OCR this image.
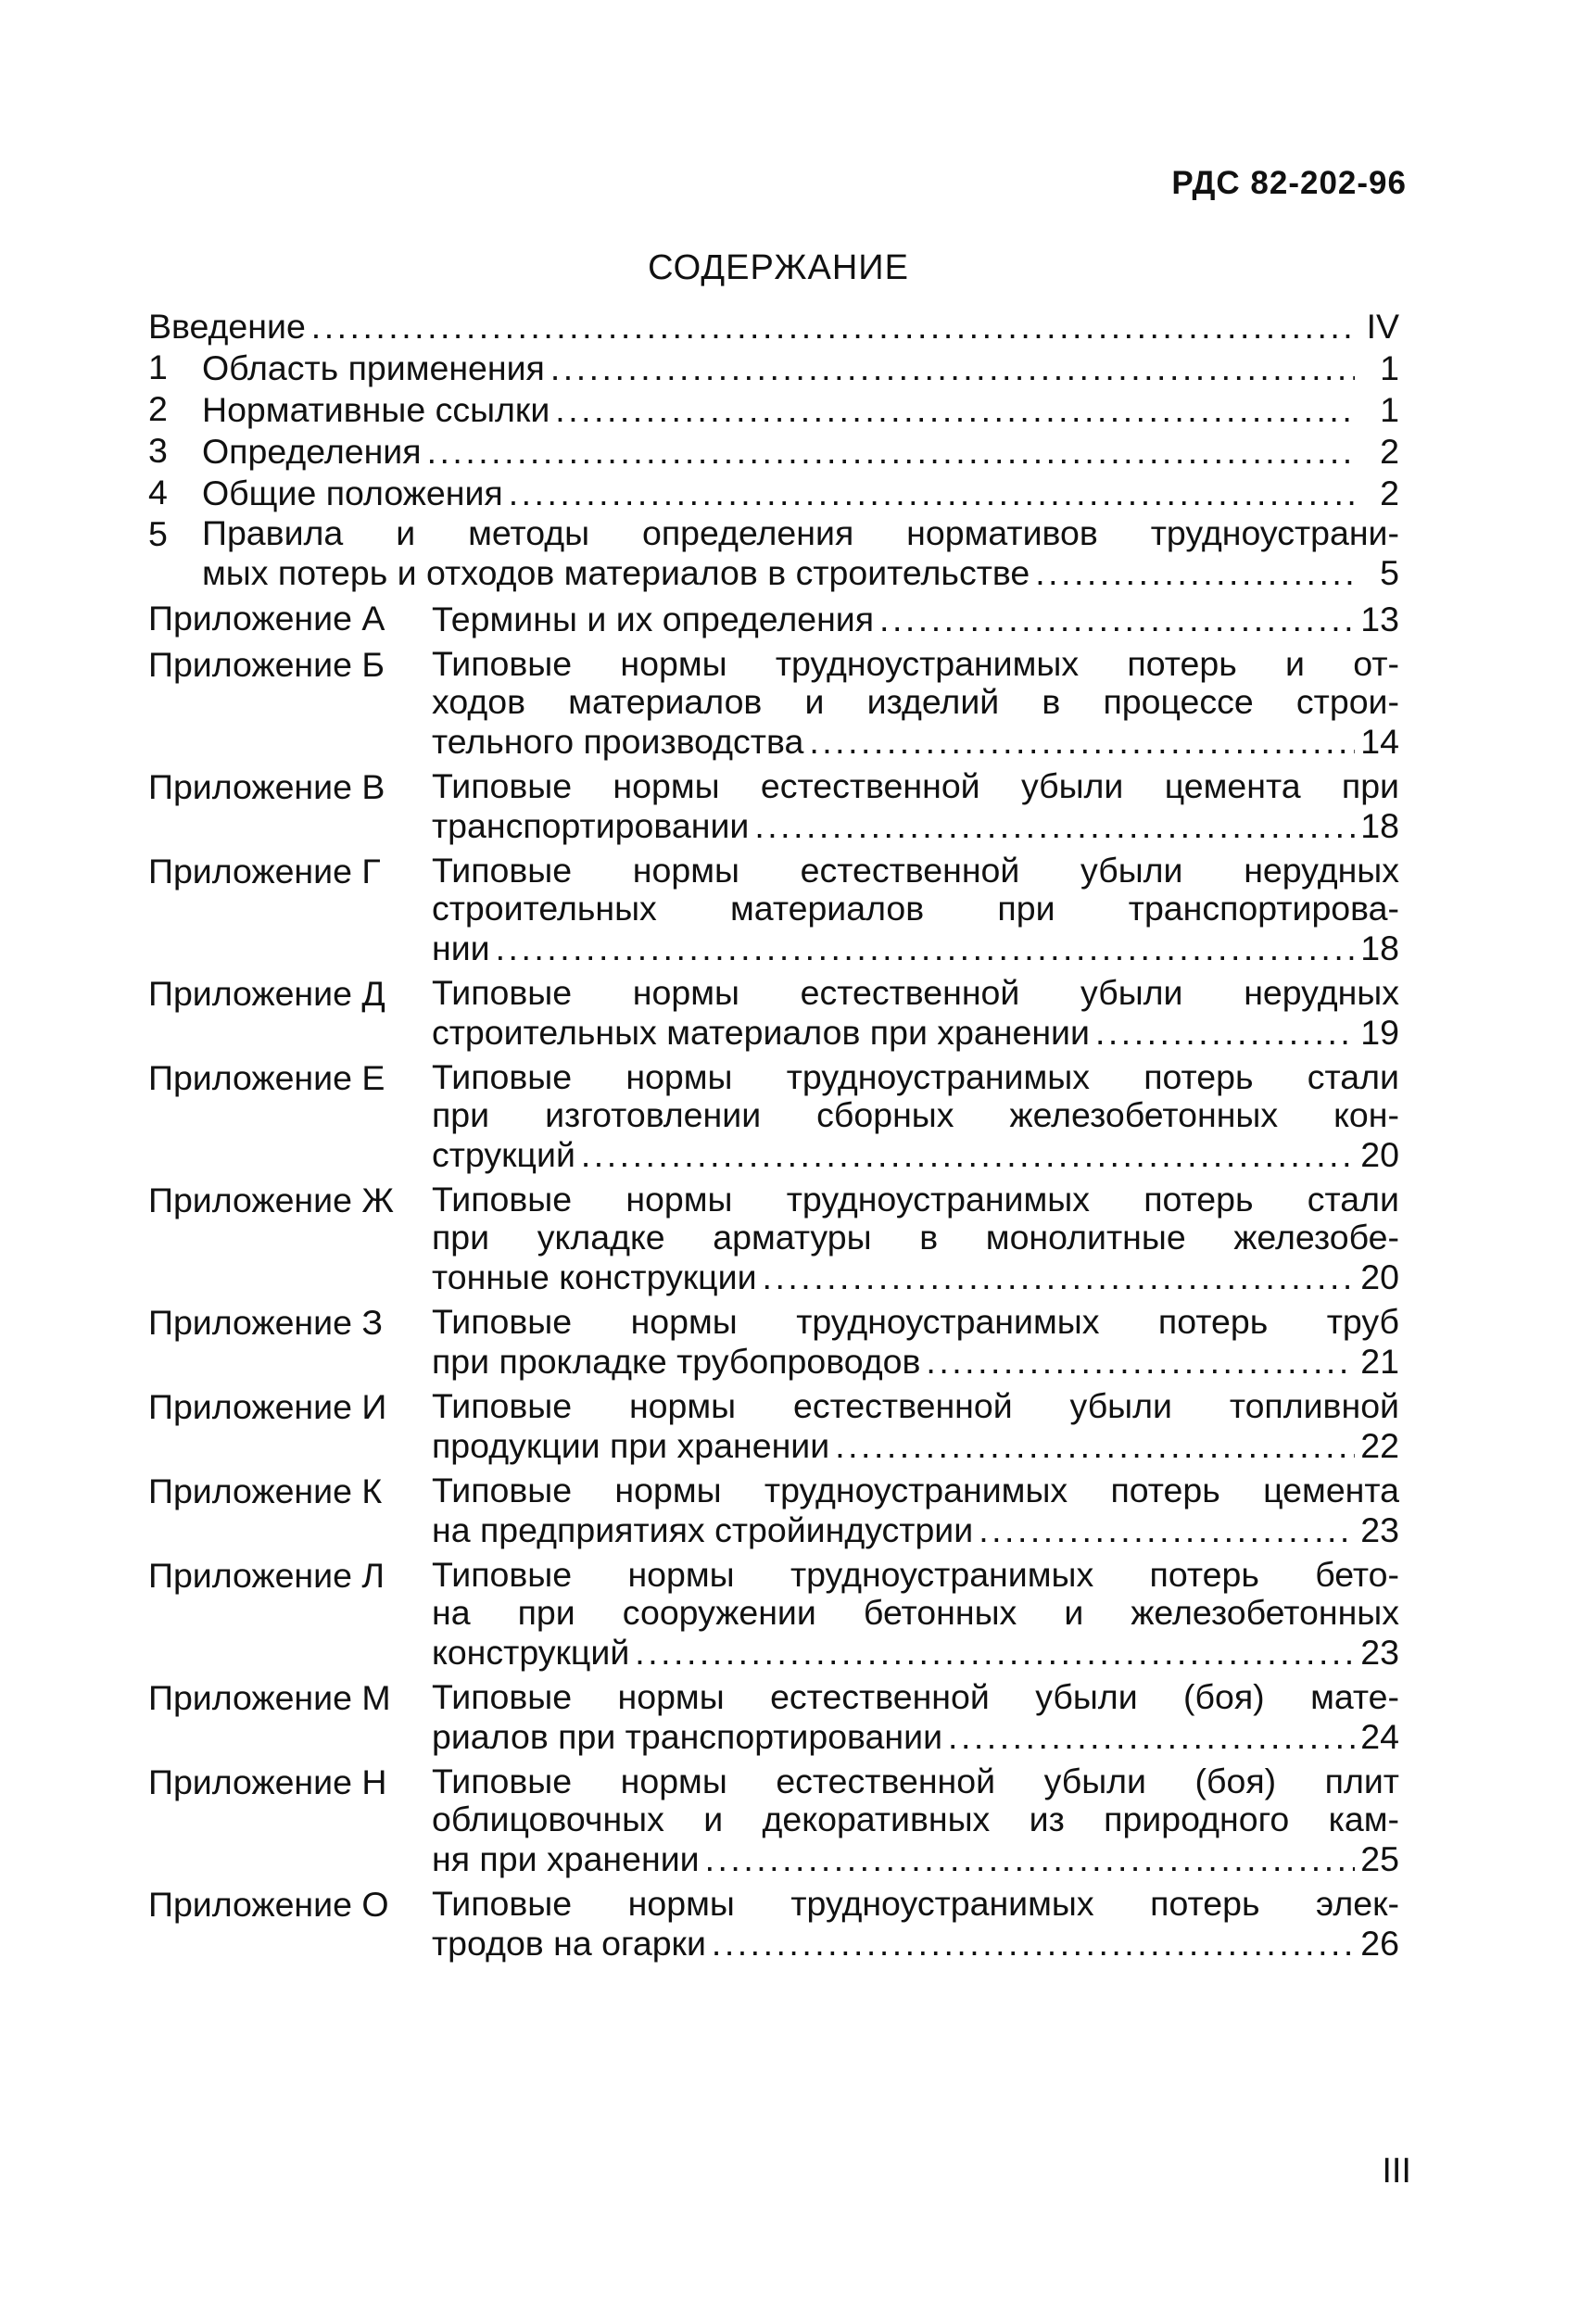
РДС 82-202-96
СОДЕРЖАНИЕ
Введение .....	IV
1 Область применения .....	1
2 Нормативные ссылки .....	1
3 Определения .....	2
4 Общие положения .....	2
5 Правила и методы определения нормативов трудноустрани-
мых потерь и отходов материалов в строительстве .....	5
Приложение А	Термины и их определения .....	13
Приложение Б	Типовые нормы трудноустранимых потерь и от-
ходов материалов и изделий в процессе строи-
тельного производства .....	14
Приложение В	Типовые нормы естественной убыли цемента при
транспортировании .....	18
Приложение Г	Типовые нормы естественной убыли нерудных
строительных материалов при транспортирова-
нии .....	18
Приложение Д	Типовые нормы естественной убыли нерудных
строительных материалов при хранении .....	19
Приложение Е	Типовые нормы трудноустранимых потерь стали
при изготовлении сборных железобетонных кон-
струкций .....	20
Приложение Ж	Типовые нормы трудноустранимых потерь стали
при укладке арматуры в монолитные железобе-
тонные конструкции .....	20
Приложение З	Типовые нормы трудноустранимых потерь труб
при прокладке трубопроводов .....	21
Приложение И	Типовые нормы естественной убыли топливной
продукции при хранении .....	22
Приложение К	Типовые нормы трудноустранимых потерь цемента
на предприятиях стройиндустрии .....	23
Приложение Л	Типовые нормы трудноустранимых потерь бето-
на при сооружении бетонных и железобетонных
конструкций .....	23
Приложение М	Типовые нормы естественной убыли (боя) мате-
риалов при транспортировании .....	24
Приложение Н	Типовые нормы естественной убыли (боя) плит
облицовочных и декоративных из природного кам-
ня при хранении .....	25
Приложение О	Типовые нормы трудноустранимых потерь элек-
тродов на огарки .....	26
III
